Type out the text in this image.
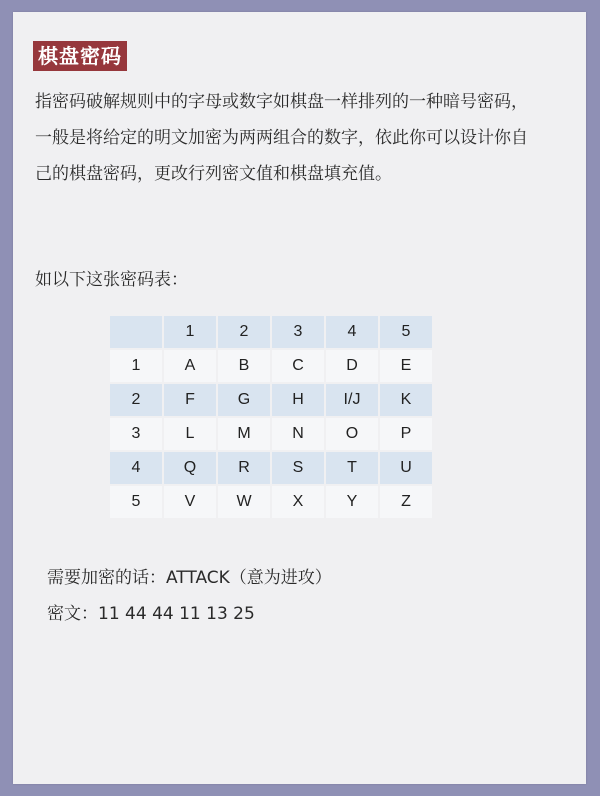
棋盘密码

指密码破解规则中的字母或数字如棋盘一样排列的一种暗号密码，一般是将给定的明文加密为两两组合的数字，依此你可以设计你自己的棋盘密码，更改行列密文值和棋盘填充值。

如以下这张密码表：

	1	2	3	4	5
1	A	B	C	D	E
2	F	G	H	I/J	K
3	L	M	N	O	P
4	Q	R	S	T	U
5	V	W	X	Y	Z

需要加密的话：ATTACK（意为进攻）

密文：11 44 44 11 13 25
